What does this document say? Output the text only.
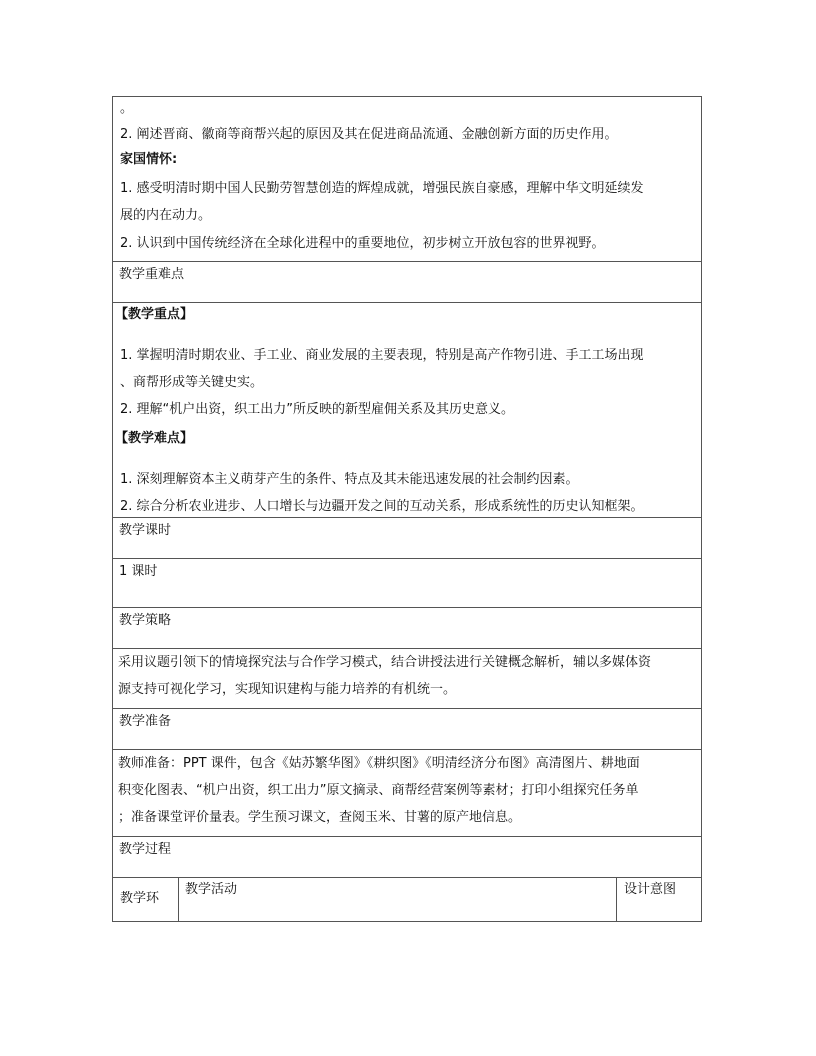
。
2. 阐述晋商、徽商等商帮兴起的原因及其在促进商品流通、金融创新方面的历史作用。
家国情怀:
1. 感受明清时期中国人民勤劳智慧创造的辉煌成就，增强民族自豪感，理解中华文明延续发
展的内在动力。
2. 认识到中国传统经济在全球化进程中的重要地位，初步树立开放包容的世界视野。
教学重难点
【教学重点】
1. 掌握明清时期农业、手工业、商业发展的主要表现，特别是高产作物引进、手工工场出现
、商帮形成等关键史实。
2. 理解“机户出资，织工出力”所反映的新型雇佣关系及其历史意义。
【教学难点】
1. 深刻理解资本主义萌芽产生的条件、特点及其未能迅速发展的社会制约因素。
2. 综合分析农业进步、人口增长与边疆开发之间的互动关系，形成系统性的历史认知框架。
教学课时
1 课时
教学策略
采用议题引领下的情境探究法与合作学习模式，结合讲授法进行关键概念解析，辅以多媒体资
源支持可视化学习，实现知识建构与能力培养的有机统一。
教学准备
教师准备：PPT 课件，包含《姑苏繁华图》《耕织图》《明清经济分布图》高清图片、耕地面
积变化图表、“机户出资，织工出力”原文摘录、商帮经营案例等素材；打印小组探究任务单
；准备课堂评价量表。学生预习课文，查阅玉米、甘薯的原产地信息。
教学过程
教学环
教学活动	设计意图
